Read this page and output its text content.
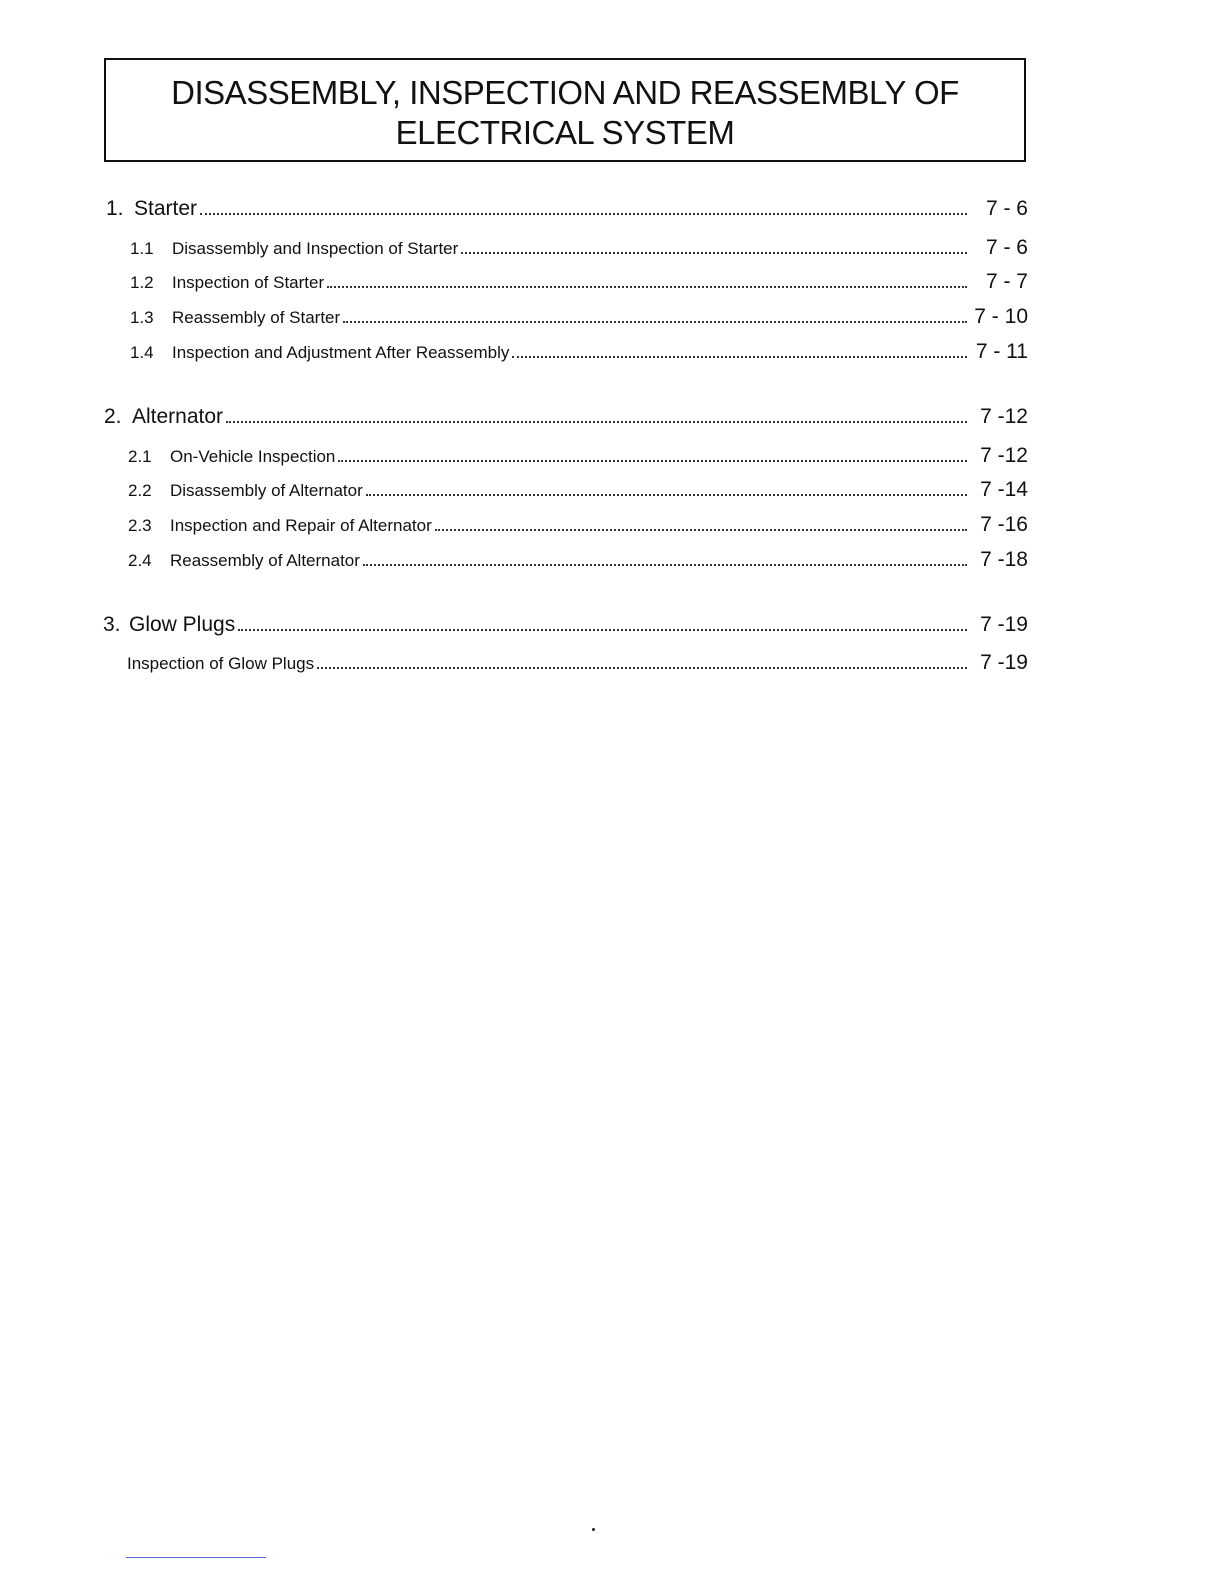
DISASSEMBLY, INSPECTION AND REASSEMBLY OF
ELECTRICAL SYSTEM
1. Starter	7 - 6
1.1	Disassembly and Inspection of Starter	7 - 6
1.2	Inspection of Starter	7 - 7
1.3	Reassembly of Starter	7 - 10
1.4	Inspection and Adjustment After Reassembly	7 - 11
2. Alternator	7 -12
2.1	On-Vehicle Inspection	7 -12
2.2	Disassembly of Alternator	7 -14
2.3	Inspection and Repair of Alternator	7 -16
2.4	Reassembly of Alternator	7 -18
3. Glow Plugs	7 -19
Inspection of Glow Plugs	7 -19
